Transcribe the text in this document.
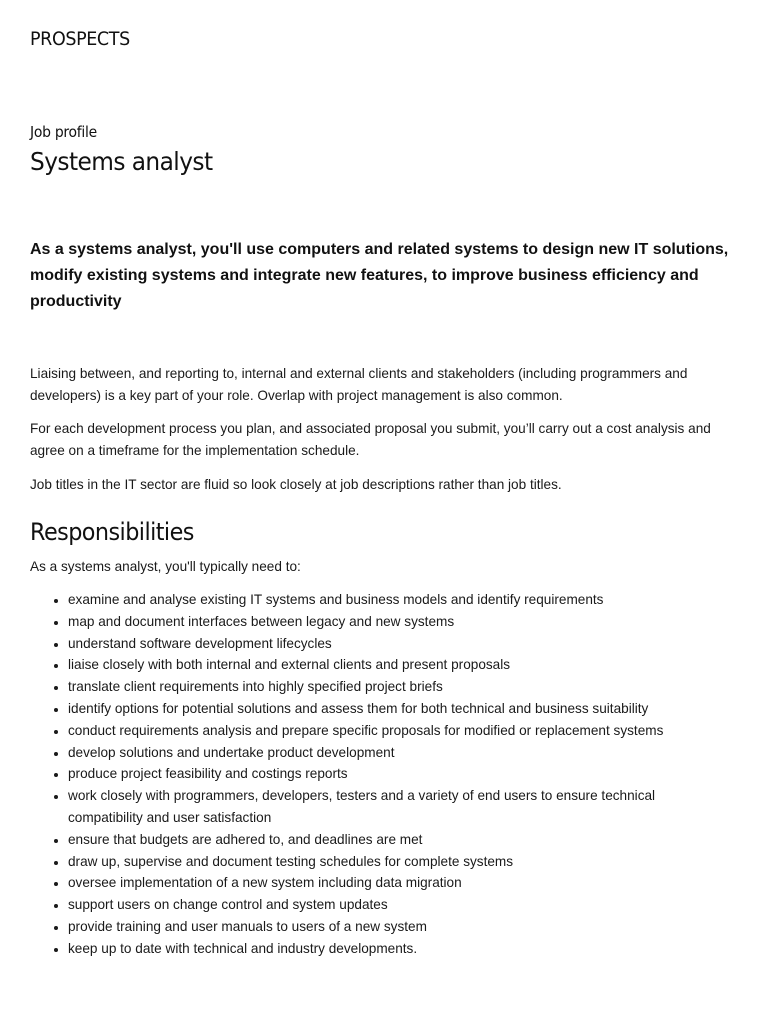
PROSPECTS
Job profile
Systems analyst

As a systems analyst, you'll use computers and related systems to design new IT solutions, modify existing systems and integrate new features, to improve business efficiency and productivity

Liaising between, and reporting to, internal and external clients and stakeholders (including programmers and developers) is a key part of your role. Overlap with project management is also common.

For each development process you plan, and associated proposal you submit, you’ll carry out a cost analysis and agree on a timeframe for the implementation schedule.

Job titles in the IT sector are fluid so look closely at job descriptions rather than job titles.

Responsibilities

As a systems analyst, you'll typically need to:

• examine and analyse existing IT systems and business models and identify requirements
• map and document interfaces between legacy and new systems
• understand software development lifecycles
• liaise closely with both internal and external clients and present proposals
• translate client requirements into highly specified project briefs
• identify options for potential solutions and assess them for both technical and business suitability
• conduct requirements analysis and prepare specific proposals for modified or replacement systems
• develop solutions and undertake product development
• produce project feasibility and costings reports
• work closely with programmers, developers, testers and a variety of end users to ensure technical compatibility and user satisfaction
• ensure that budgets are adhered to, and deadlines are met
• draw up, supervise and document testing schedules for complete systems
• oversee implementation of a new system including data migration
• support users on change control and system updates
• provide training and user manuals to users of a new system
• keep up to date with technical and industry developments.
